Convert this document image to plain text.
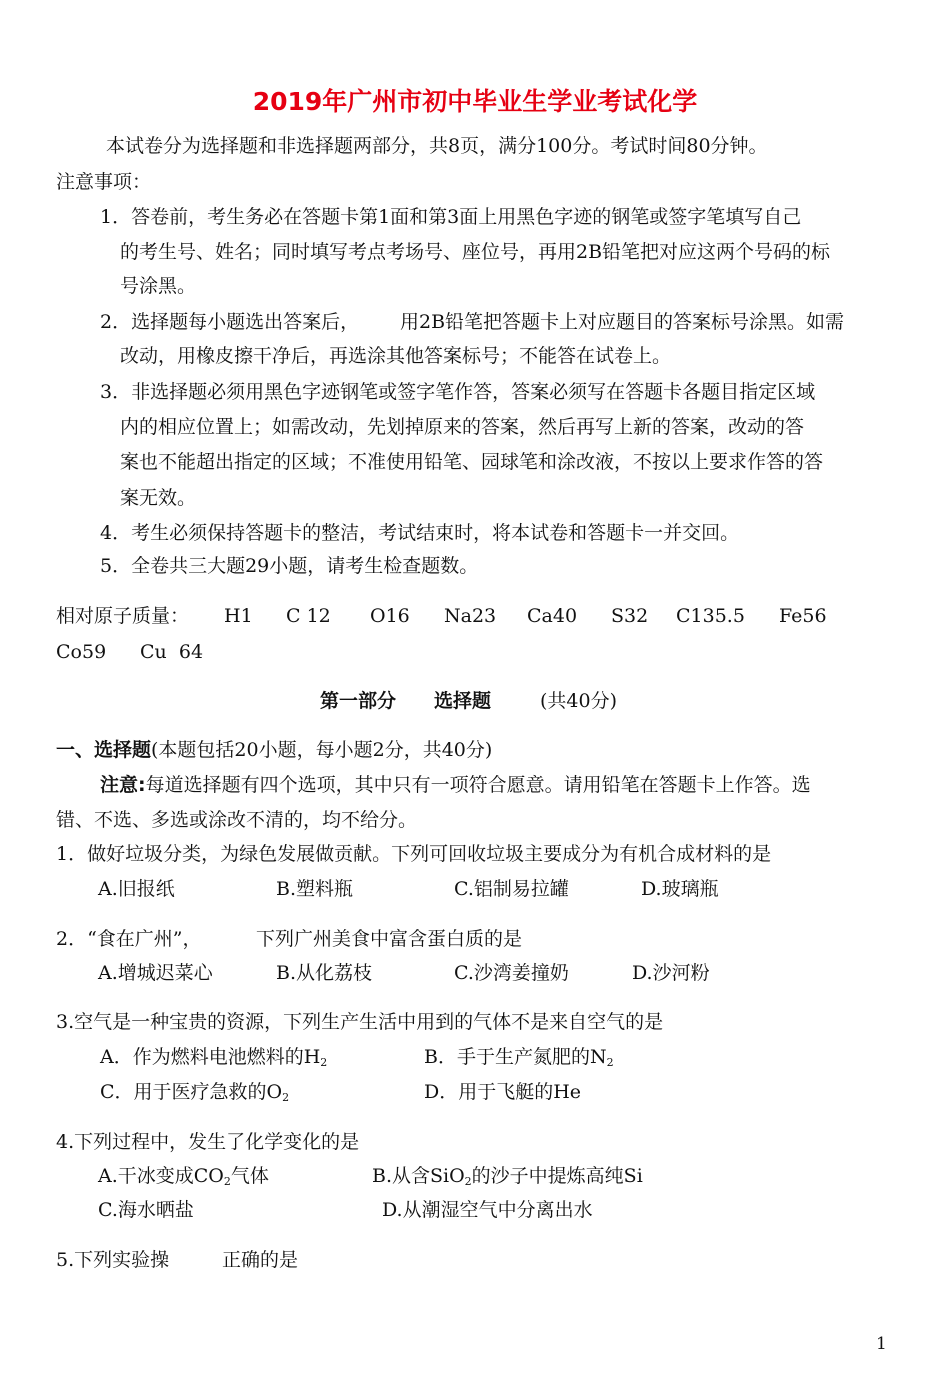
2019年广州市初中毕业生学业考试化学
本试卷分为选择题和非选择题两部分，共8页，满分100分。考试时间80分钟。
注意事项：
1．答卷前，考生务必在答题卡第1面和第3面上用黑色字迹的钢笔或签字笔填写自己
的考生号、姓名；同时填写考点考场号、座位号，再用2B铅笔把对应这两个号码的标
号涂黑。
2．选择题每小题选出答案后， 用2B铅笔把答题卡上对应题目的答案标号涂黑。如需
改动，用橡皮擦干净后，再选涂其他答案标号；不能答在试卷上。
3．非选择题必须用黑色字迹钢笔或签字笔作答，答案必须写在答题卡各题目指定区域
内的相应位置上；如需改动，先划掉原来的答案，然后再写上新的答案，改动的答
案也不能超出指定的区域；不准使用铅笔、园球笔和涂改液，不按以上要求作答的答
案无效。
4．考生必须保持答题卡的整洁，考试结束时，将本试卷和答题卡一并交回。
5．全卷共三大题29小题，请考生检查题数。
相对原子质量： H1 C 12 O16 Na23 Ca40 S32 C135.5 Fe56
Co59 Cu  64
第一部分 选择题	(共40分)
一、选择题(本题包括20小题，每小题2分，共40分)
注意:每道选择题有四个选项，其中只有一项符合愿意。请用铅笔在答题卡上作答。选
错、不选、多选或涂改不清的，均不给分。
1．做好垃圾分类，为绿色发展做贡献。下列可回收垃圾主要成分为有机合成材料的是
A.旧报纸	B.塑料瓶	C.铝制易拉罐	D.玻璃瓶
2．“食在广州”，	下列广州美食中富含蛋白质的是
A.增城迟菜心	B.从化荔枝	C.沙湾姜撞奶	D.沙河粉
3.空气是一种宝贵的资源，下列生产生活中用到的气体不是来自空气的是
A．作为燃料电池燃料的$H_2$	B．手于生产氮肥的$N_2$
C．用于医疗急救的$O_2$	D．用于飞艇的He
4.下列过程中，发生了化学变化的是
A.干冰变成$CO_2$气体	B.从含SiO$_2$的沙子中提炼高纯Si
C.海水晒盐	D.从潮湿空气中分离出水
5.下列实验操	正确的是
1
